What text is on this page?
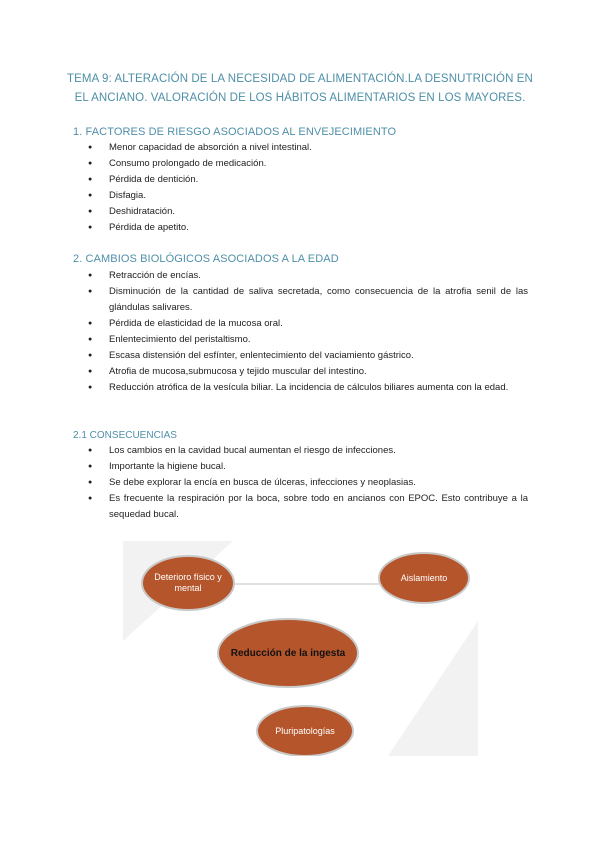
TEMA 9: ALTERACIÓN DE LA NECESIDAD DE ALIMENTACIÓN.LA DESNUTRICIÓN EN EL ANCIANO. VALORACIÓN DE LOS HÁBITOS ALIMENTARIOS EN LOS MAYORES.
1. FACTORES DE RIESGO ASOCIADOS AL ENVEJECIMIENTO
● Menor capacidad de absorción a nivel intestinal.
● Consumo prolongado de medicación.
● Pérdida de dentición.
● Disfagia.
● Deshidratación.
● Pérdida de apetito.
2. CAMBIOS BIOLÓGICOS ASOCIADOS A LA EDAD
● Retracción de encías.
● Disminución de la cantidad de saliva secretada, como consecuencia de la atrofia senil de las glándulas salivares.
● Pérdida de elasticidad de la mucosa oral.
● Enlentecimiento del peristaltismo.
● Escasa distensión del esfínter, enlentecimiento del vaciamiento gástrico.
● Atrofia de mucosa,submucosa y tejido muscular del intestino.
● Reducción atrófica de la vesícula biliar. La incidencia de cálculos biliares aumenta con la edad.
2.1 CONSECUENCIAS
● Los cambios en la cavidad bucal aumentan el riesgo de infecciones.
● Importante la higiene bucal.
● Se debe explorar la encía en busca de úlceras, infecciones y neoplasias.
● Es frecuente la respiración por la boca, sobre todo en ancianos con EPOC. Esto contribuye a la sequedad bucal.
Deterioro físico y mental
Aislamiento
Reducción de la ingesta
Pluripatologías
